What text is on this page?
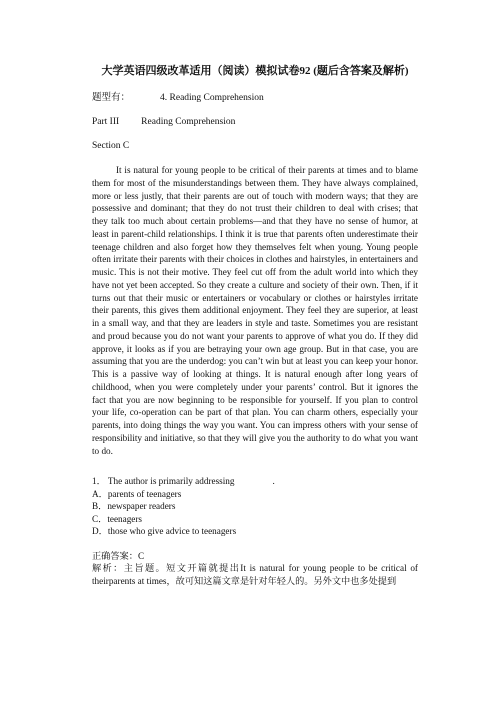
大学英语四级改革适用（阅读）模拟试卷92 (题后含答案及解析)
题型有：	4. Reading Comprehension
Part III Reading Comprehension
Section C

It is natural for young people to be critical of their parents at times and to blame them for most of the misunderstandings between them. They have always complained, more or less justly, that their parents are out of touch with modern ways; that they are possessive and dominant; that they do not trust their children to deal with crises; that they talk too much about certain problems—and that they have no sense of humor, at least in parent-child relationships. I think it is true that parents often underestimate their teenage children and also forget how they themselves felt when young. Young people often irritate their parents with their choices in clothes and hairstyles, in entertainers and music. This is not their motive. They feel cut off from the adult world into which they have not yet been accepted. So they create a culture and society of their own. Then, if it turns out that their music or entertainers or vocabulary or clothes or hairstyles irritate their parents, this gives them additional enjoyment. They feel they are superior, at least in a small way, and that they are leaders in style and taste. Sometimes you are resistant and proud because you do not want your parents to approve of what you do. If they did approve, it looks as if you are betraying your own age group. But in that case, you are assuming that you are the underdog: you can’t win but at least you can keep your honor. This is a passive way of looking at things. It is natural enough after long years of childhood, when you were completely under your parents’ control. But it ignores the fact that you are now beginning to be responsible for yourself. If you plan to control your life, co-operation can be part of that plan. You can charm others, especially your parents, into doing things the way you want. You can impress others with your sense of responsibility and initiative, so that they will give you the authority to do what you want to do.

1． The author is primarily addressing	.
A．parents of teenagers
B．newspaper readers
C．teenagers
D．those who give advice to teenagers
正确答案：C
解析：主旨题。短文开篇就提出It is natural for young people to be critical of theirparents at times，故可知这篇文章是针对年轻人的。另外文中也多处提到
